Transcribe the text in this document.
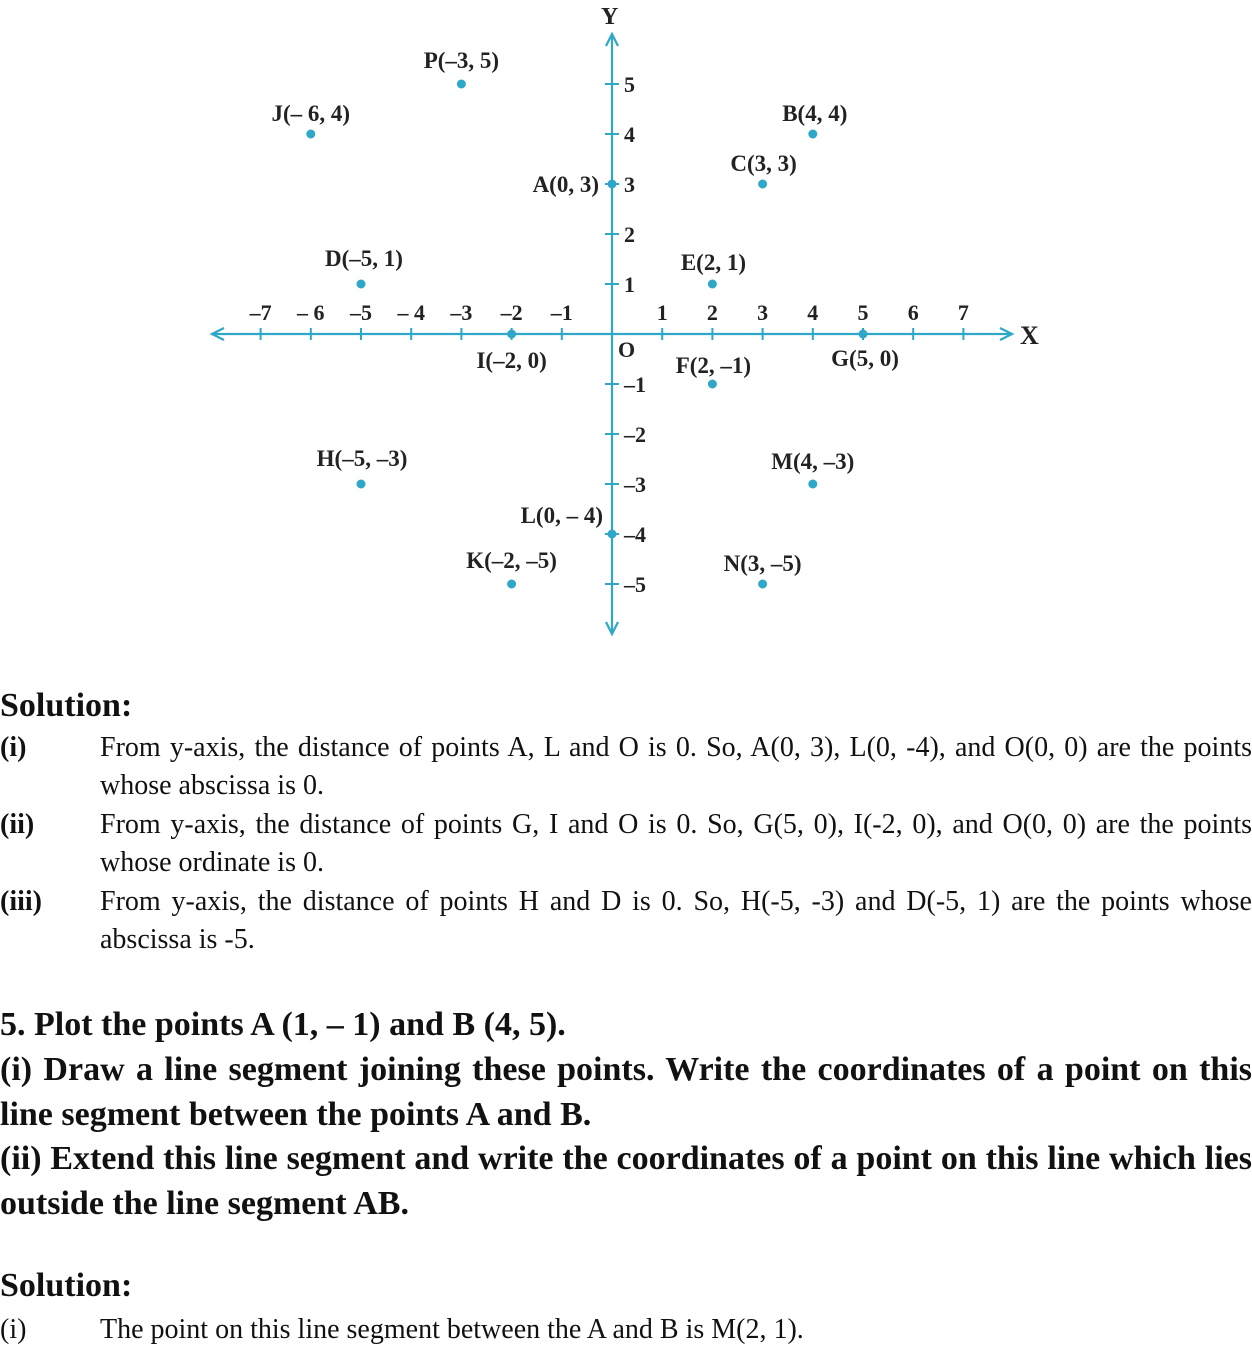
X
Y
O
–7 – 6 –5 – 4 –3 –2 –1	1 2 3 4 5 6 7
5
4
3
2
1
–1
–2
–3
–4
–5
P(–3, 5)
J(– 6, 4)	B(4, 4)
C(3, 3)
A(0, 3)
D(–5, 1)	E(2, 1)
I(–2, 0)	G(5, 0)
F(2, –1)
H(–5, –3)	M(4, –3)
L(0, – 4)
K(–2, –5)	N(3, –5)
Solution:
(i)	From y-axis, the distance of points A, L and O is 0. So, A(0, 3), L(0, -4), and O(0, 0) are the points whose abscissa is 0.
(ii) From y-axis, the distance of points G, I and O is 0. So, G(5, 0), I(-2, 0), and O(0, 0) are the points whose ordinate is 0.
(iii) From y-axis, the distance of points H and D is 0. So, H(-5, -3) and D(-5, 1) are the points whose abscissa is -5.
5. Plot the points A (1, – 1) and B (4, 5).
(i) Draw a line segment joining these points. Write the coordinates of a point on this line segment between the points A and B.
(ii) Extend this line segment and write the coordinates of a point on this line which lies outside the line segment AB.
Solution:
(i)	The point on this line segment between the A and B is M(2, 1).
